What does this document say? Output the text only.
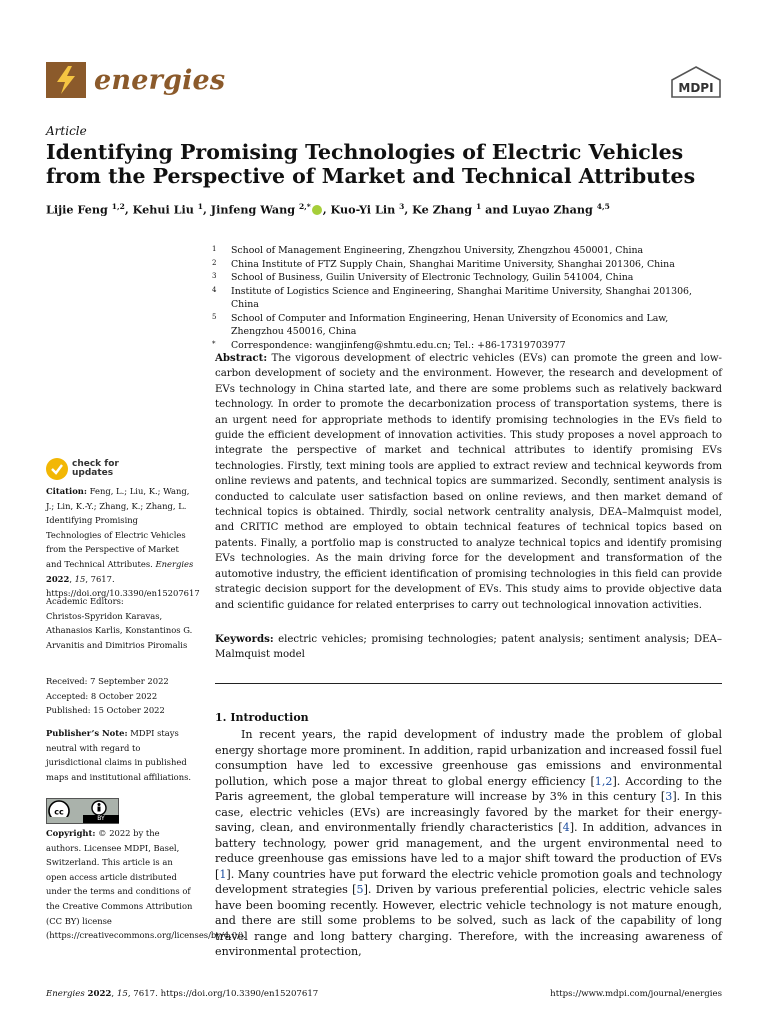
energies	MDPI
Article
Identifying Promising Technologies of Electric Vehicles from the Perspective of Market and Technical Attributes
Lijie Feng $^{1,2}$, Kehui Liu $^1$, Jinfeng Wang $^{2,*}$ , Kuo-Yi Lin $^3$, Ke Zhang $^1$ and Luyao Zhang $^{4,5}$
1	School of Management Engineering, Zhengzhou University, Zhengzhou 450001, China
2	China Institute of FTZ Supply Chain, Shanghai Maritime University, Shanghai 201306, China
3	School of Business, Guilin University of Electronic Technology, Guilin 541004, China
4	Institute of Logistics Science and Engineering, Shanghai Maritime University, Shanghai 201306, China
5	School of Computer and Information Engineering, Henan University of Economics and Law, Zhengzhou 450016, China
*	Correspondence: wangjinfeng@shmtu.edu.cn; Tel.: +86-17319703977

Abstract: The vigorous development of electric vehicles (EVs) can promote the green and low-carbon development of society and the environment. However, the research and development of EVs technology in China started late, and there are some problems such as relatively backward technology. In order to promote the decarbonization process of transportation systems, there is an urgent need for appropriate methods to identify promising technologies in the EVs field to guide the efficient development of innovation activities. This study proposes a novel approach to integrate the perspective of market and technical attributes to identify promising EVs technologies. Firstly, text mining tools are applied to extract review and technical keywords from online reviews and patents, and technical topics are summarized. Secondly, sentiment analysis is conducted to calculate user satisfaction based on online reviews, and then market demand of technical topics is obtained. Thirdly, social network centrality analysis, DEA–Malmquist model, and CRITIC method are employed to obtain technical features of technical topics based on patents. Finally, a portfolio map is constructed to analyze technical topics and identify promising EVs technologies. As the main driving force for the development and transformation of the automotive industry, the efficient identification of promising technologies in this field can provide strategic decision support for the development of EVs. This study aims to provide objective data and scientific guidance for related enterprises to carry out technological innovation activities.

Keywords: electric vehicles; promising technologies; patent analysis; sentiment analysis; DEA–Malmquist model

1. Introduction

In recent years, the rapid development of industry made the problem of global energy shortage more prominent. In addition, rapid urbanization and increased fossil fuel consumption have led to excessive greenhouse gas emissions and environmental pollution, which pose a major threat to global energy efficiency [1,2]. According to the Paris agreement, the global temperature will increase by 3% in this century [3]. In this case, electric vehicles (EVs) are increasingly favored by the market for their energy-saving, clean, and environmentally friendly characteristics [4]. In addition, advances in battery technology, power grid management, and the urgent environmental need to reduce greenhouse gas emissions have led to a major shift toward the production of EVs [1]. Many countries have put forward the electric vehicle promotion goals and technology development strategies [5]. Driven by various preferential policies, electric vehicle sales have been booming recently. However, electric vehicle technology is not mature enough, and there are still some problems to be solved, such as lack of the capability of long travel range and long battery charging. Therefore, with the increasing awareness of environmental protection,

check for
updates
Citation: Feng, L.; Liu, K.; Wang, J.; Lin, K.-Y.; Zhang, K.; Zhang, L. Identifying Promising Technologies of Electric Vehicles from the Perspective of Market and Technical Attributes. Energies 2022, 15, 7617. https://doi.org/10.3390/en15207617
Academic Editors:
Christos-Spyridon Karavas, Athanasios Karlis, Konstantinos G. Arvanitis and Dimitrios Piromalis
Received: 7 September 2022
Accepted: 8 October 2022
Published: 15 October 2022
Publisher’s Note: MDPI stays neutral with regard to jurisdictional claims in published maps and institutional affiliations.
cc
BY
Copyright: © 2022 by the authors. Licensee MDPI, Basel, Switzerland. This article is an open access article distributed under the terms and conditions of the Creative Commons Attribution (CC BY) license (https://creativecommons.org/licenses/by/4.0/).
Energies 2022, 15, 7617. https://doi.org/10.3390/en15207617	https://www.mdpi.com/journal/energies
